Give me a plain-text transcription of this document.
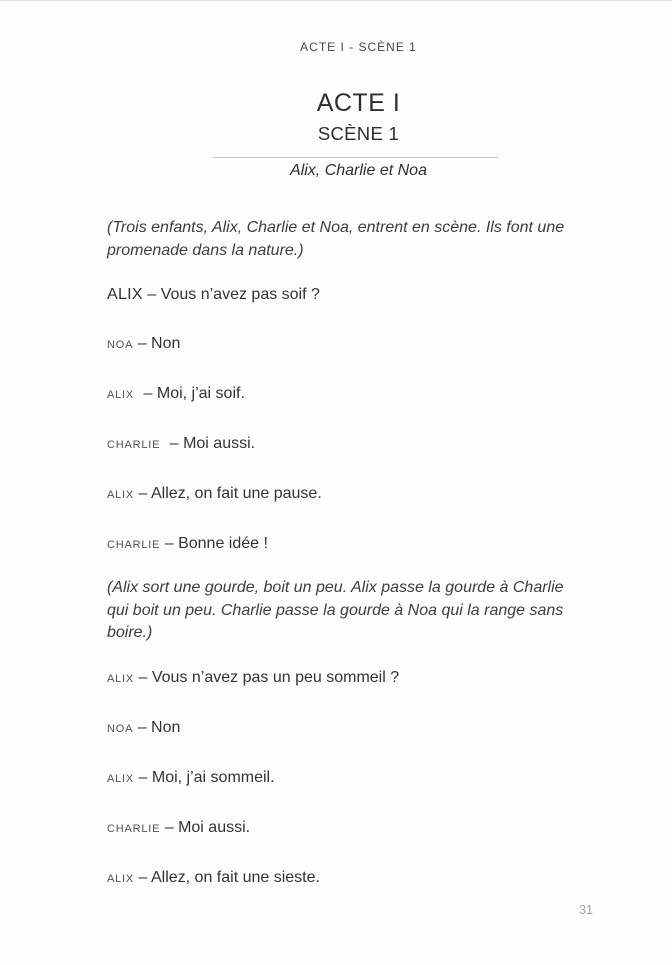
ACTE I - SCÈNE 1
ACTE I
SCÈNE 1
Alix, Charlie et Noa
(Trois enfants, Alix, Charlie et Noa, entrent en scène. Ils font une
promenade dans la nature.)
ALIX – Vous n’avez pas soif ?
NOA – Non
ALIX – Moi, j’ai soif.
CHARLIE – Moi aussi.
ALIX – Allez, on fait une pause.
CHARLIE – Bonne idée !
(Alix sort une gourde, boit un peu. Alix passe la gourde à Charlie
qui boit un peu. Charlie passe la gourde à Noa qui la range sans
boire.)
ALIX – Vous n’avez pas un peu sommeil ?
NOA – Non
ALIX – Moi, j’ai sommeil.
CHARLIE – Moi aussi.
ALIX – Allez, on fait une sieste.
31
